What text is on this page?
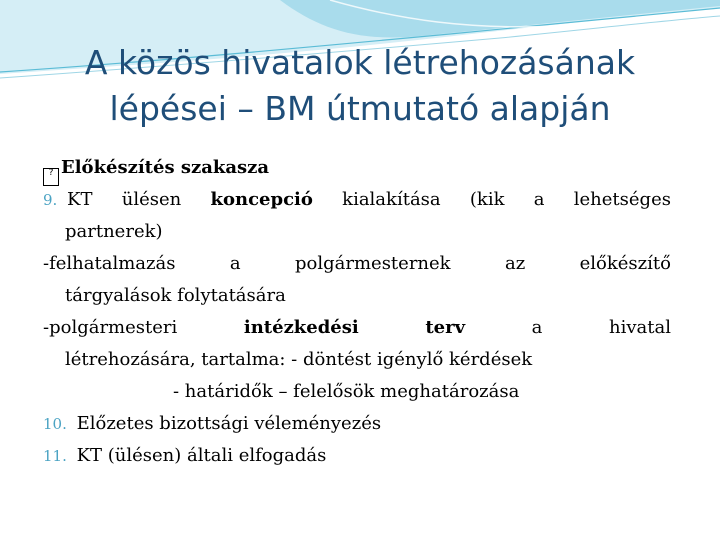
A közös hivatalok létrehozásának
lépései – BM útmutató alapján
? Előkészítés szakasza
9. KT ülésen koncepció kialakítása (kik a lehetséges
partnerek)
-felhatalmazás	a	polgármesternek	az	előkészítő
tárgyalások folytatására
-polgármesteri	intézkedési	terv	a	hivatal
létrehozására, tartalma: - döntést igénylő kérdések
- határidők – felelősök meghatározása
10. Előzetes bizottsági véleményezés
11. KT (ülésen) általi elfogadás
